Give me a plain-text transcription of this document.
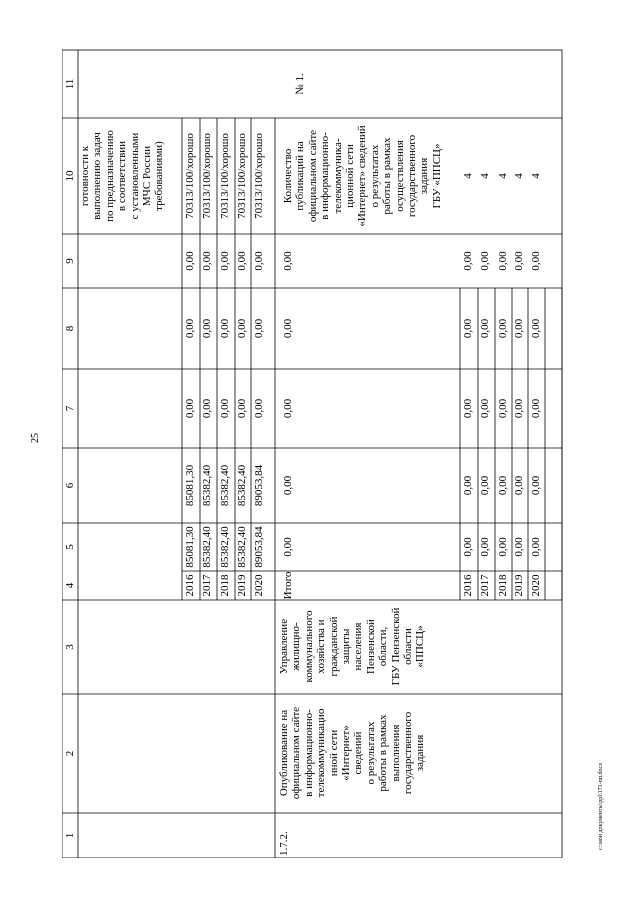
25
c:\мои документы\ppl\171-пп.docx
1
2
3
4
5
6
7
8
9
10
11
готовности к
выполнению задач
по предназначению
в соответствии
с установленными
МЧС России
требованиями)
2016
85081,30
85081,30
0,00
0,00
0,00
70313/100/хорошо
2017
85382,40
85382,40
0,00
0,00
0,00
70313/100/хорошо
2018
85382,40
85382,40
0,00
0,00
0,00
70313/100/хорошо
2019
85382,40
85382,40
0,00
0,00
0,00
70313/100/хорошо
2020
89053,84
89053,84
0,00
0,00
0,00
70313/100/хорошо
1.7.2.
Опубликование на
официальном сайте
в информационно-
телекоммуникацио
нной сети
«Интернет»
сведений
о результатах
работы в рамках
выполнения
государственного
задания
Управление
жилищно-
коммунального
хозяйства и
гражданской
защиты
населения
Пензенской
области,
ГБУ Пензенской
области
«ППСЦ»
Итого
0,00
0,00
0,00
0,00
0,00
Количество
публикаций на
официальном сайте
в информационно-
телекоммуника-
ционной сети
«Интернет» сведений
о результатах
работы в рамках
осуществления
государственного
задания
ГБУ «ППСЦ»
№ 1.
2016
0,00
0,00
0,00
0,00
0,00
4
2017
0,00
0,00
0,00
0,00
0,00
4
2018
0,00
0,00
0,00
0,00
0,00
4
2019
0,00
0,00
0,00
0,00
0,00
4
2020
0,00
0,00
0,00
0,00
0,00
4
